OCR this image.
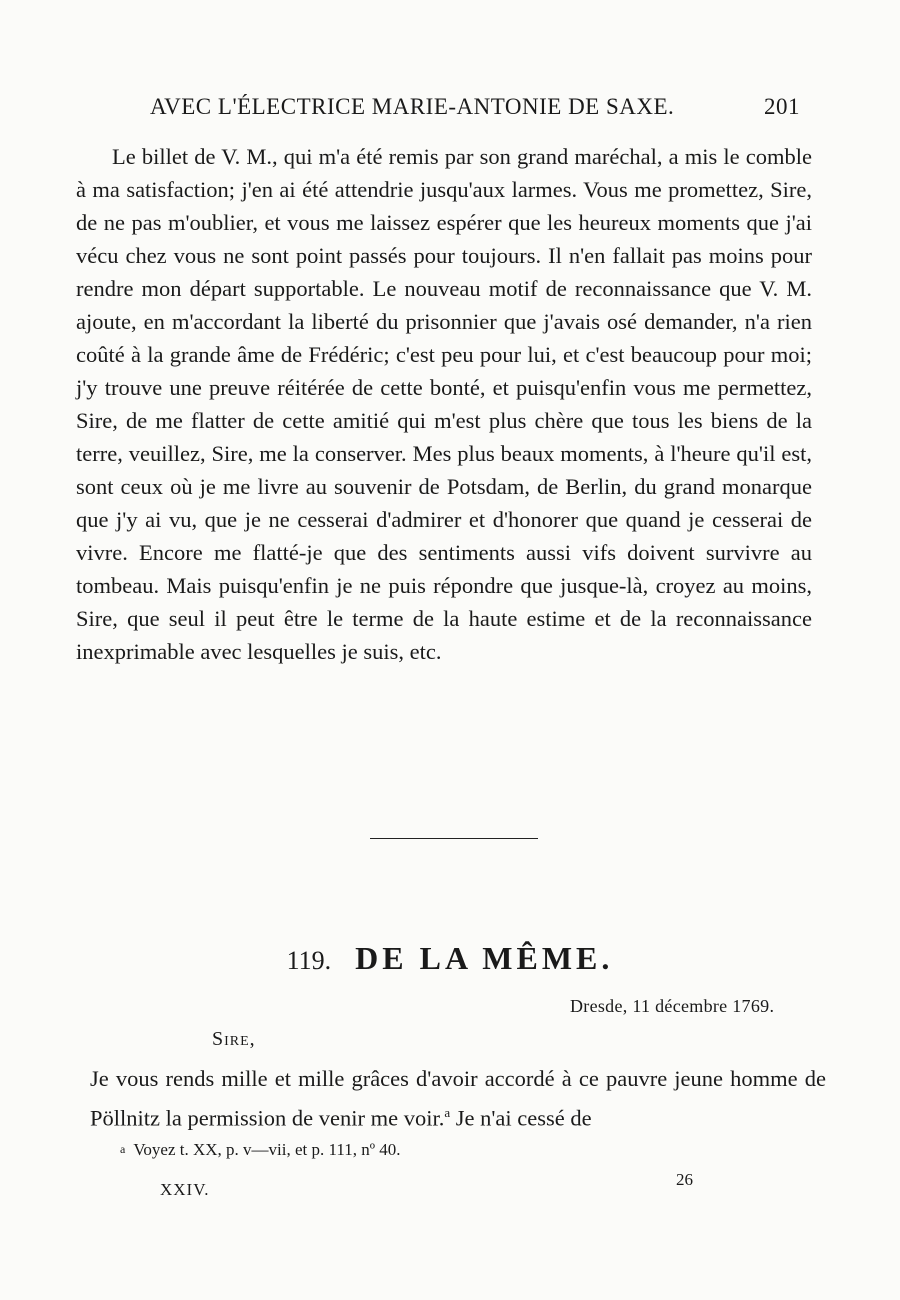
AVEC L'ÉLECTRICE MARIE-ANTONIE DE SAXE.	201

Le billet de V. M., qui m'a été remis par son grand maréchal, a mis le comble à ma satisfaction; j'en ai été attendrie jusqu'aux larmes. Vous me promettez, Sire, de ne pas m'oublier, et vous me laissez espérer que les heureux moments que j'ai vécu chez vous ne sont point passés pour toujours. Il n'en fallait pas moins pour rendre mon départ supportable. Le nouveau motif de reconnaissance que V. M. ajoute, en m'accordant la liberté du prisonnier que j'avais osé demander, n'a rien coûté à la grande âme de Frédéric; c'est peu pour lui, et c'est beaucoup pour moi; j'y trouve une preuve réitérée de cette bonté, et puisqu'enfin vous me permettez, Sire, de me flatter de cette amitié qui m'est plus chère que tous les biens de la terre, veuillez, Sire, me la conserver. Mes plus beaux moments, à l'heure qu'il est, sont ceux où je me livre au souvenir de Potsdam, de Berlin, du grand monarque que j'y ai vu, que je ne cesserai d'admirer et d'honorer que quand je cesserai de vivre. Encore me flatté-je que des sentiments aussi vifs doivent survivre au tombeau. Mais puisqu'enfin je ne puis répondre que jusque-là, croyez au moins, Sire, que seul il peut être le terme de la haute estime et de la reconnaissance inexprimable avec lesquelles je suis, etc.

119. DE LA MÊME.
Dresde, 11 décembre 1769.
Sire,

Je vous rends mille et mille grâces d'avoir accordé à ce pauvre jeune homme de Pöllnitz la permission de venir me voir.$^a$ Je n'ai cessé de

a Voyez t. XX, p. v—vii, et p. 111, nº 40.
XXIV.
26
